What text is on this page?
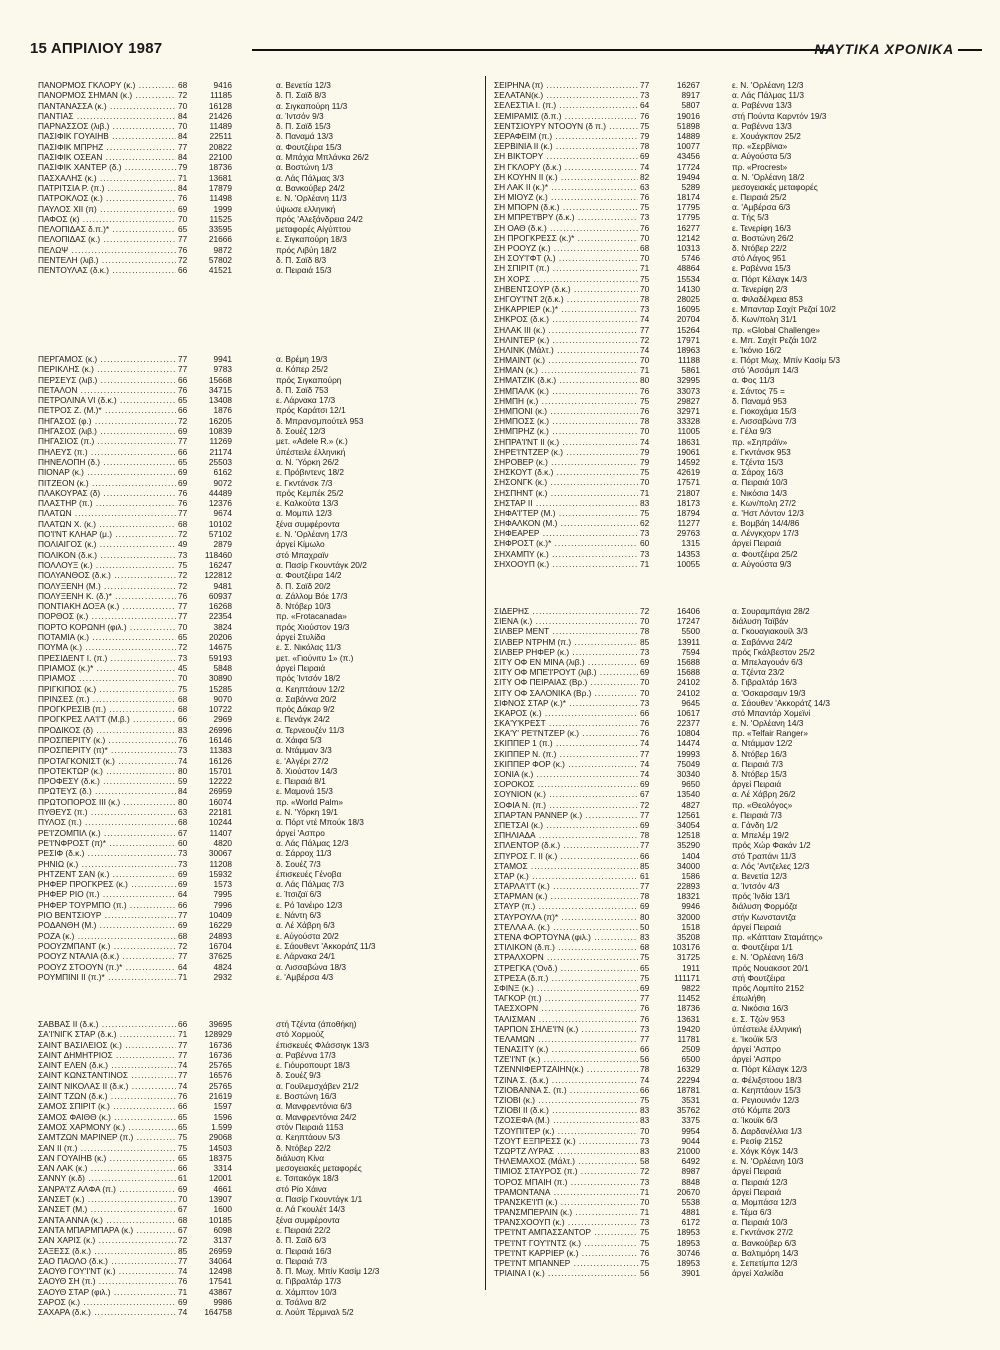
15 ΑΠΡΙΛΙΟΥ 1987	ΝΑΥΤΙΚΑ ΧΡΟΝΙΚΑ
ΠΑΝΟΡΜΟΣ ΓΚΛΟΡΥ (κ.) .....	68	9416	α. Βενετία 12/3
ΠΑΝΟΡΜΟΣ ΣΗΜΑΝ (κ.) .....	72	11185	δ. Π. Σαϊδ 8/3
ΠΑΝΤΑΝΑΣΣΑ (κ.) .....	70	16128	α. Σιγκαπούρη 11/3
ΠΑΝΤΙΑΣ .....	84	21426	α. Ίντσόν 9/3
ΠΑΡΝΑΣΣΟΣ (λιβ.) .....	70	11489	δ. Π. Σαϊδ 15/3
ΠΑΣΙΦΙΚ ΓΟΥΑΙΗΒ .....	84	22511	δ. Παναμά 13/3
ΠΑΣΙΦΙΚ ΜΠΡΗΖ .....	77	20822	α. Φουτζέιρα 15/3
ΠΑΣΙΦΙΚ ΟΣΕΑΝ .....	84	22100	α. Μπάχια Μπλάνκα 26/2
ΠΑΣΙΦΙΚ ΧΑΝΤΕΡ (δ.) .....	79	18736	α. Βοστώνη 1/3
ΠΑΣΧΑΛΗΣ (κ.) .....	71	13681	α. Λάς Πάλμας 3/3
ΠΑΤΡΙΤΣΙΑ Ρ. (π.) .....	84	17879	α. Βανκούβερ 24/2
ΠΑΤΡΟΚΛΟΣ (κ.) .....	76	11498	ε. Ν. 'Ορλέανη 11/3
ΠΑΥΛΟΣ XII (π) .....	69	1999	ύψωσε ελληνική
ΠΑΦΟΣ (κ) .....	70	11525	πρός 'Αλεξάνδρεια 24/2
ΠΕΛΟΠΙΔΑΣ δ.π.)* .....	65	33595	μεταφορές Αίγύπτου
ΠΕΛΟΠΙΔΑΣ (κ.) .....	77	21666	ε. Σιγκαπούρη 18/3
ΠΕΛΩΨ .....	76	9872	πρός Λιβύη 18/2
ΠΕΝΤΕΛΗ (λιβ.) .....	72	57802	δ. Π. Σαϊδ 8/3
ΠΕΝΤΟΥΛΑΣ (δ.κ.) .....	66	41521	α. Πειραιά 15/3
ΠΕΡΓΑΜΟΣ (κ.) .....	77	9941	α. Βρέμη 19/3
ΠΕΡΙΚΛΗΣ (κ.) .....	77	9783	α. Κόπερ 25/2
ΠΕΡΣΕΥΣ (λιβ.) .....	66	15668	πρός Σιγκαπούρη
ΠΕΤΑΛΟΝ .....	76	34715	δ. Π. Σαϊδ 753
ΠΕΤΡΟΛΙΝΑ VI (δ.κ.) .....	65	13408	ε. Λάρνακα 17/3
ΠΕΤΡΟΣ Ζ. (Μ.)* .....	66	1876	πρός Καράτσι 12/1
ΠΗΓΑΣΟΣ (φ.) .....	72	16205	δ. Μπρανσμπούτελ 953
ΠΗΓΑΣΟΣ (λιβ.) .....	69	10839	δ. Σουέζ 12/3
ΠΗΓΑΣΙΟΣ (π.) .....	77	11269	μετ. «Adele R.» (κ.)
ΠΗΛΕΥΣ (π.) .....	66	21174	ύπέστειλε έλληνική
ΠΗΝΕΛΟΠΗ (δ.) .....	65	25503	α. Ν. Ύόρκη 26/2
ΠΙΟΝΑΡ (κ.) .....	69	6162	ε. Πρόβιντενς 18/2
ΠΙΤΖΕΟΝ (κ.) .....	69	9072	ε. Γκντάνσκ 7/3
ΠΛΑΚΟΥΡΑΣ (δ) .....	76	44489	πρός Κεμπέκ 25/2
ΠΛΑΣΤΗΡ (π.) .....	76	12376	ε. Καλκούτα 13/3
ΠΛΑΤΩΝ .....	77	9674	α. Μομπιλ 12/3
ΠΛΑΤΩΝ Χ. (κ.) .....	68	10102	ξένα συμφέροντα
ΠΟ'Ι'ΝΤ ΚΛΗΑΡ (μ.) .....	72	57102	ε. Ν. 'Ορλέανη 17/3
ΠΟΛΙΑΙΓΟΣ (κ.) .....	49	2879	άργεί Κίμωλο
ΠΟΛΙΚΟΝ (δ.κ.) .....	73	118460	στό Μπαχραϊν
ΠΟΛΛΟΥΞ (κ.) .....	75	16247	α. Πασίρ Γκουντάγκ 20/2
ΠΟΛΥΑΝΘΟΣ (δ.κ.) .....	72	122812	α. Φουτζέιρα 14/2
ΠΟΛΥΞΕΝΗ (Μ.) .....	72	9481	δ. Π. Σαϊδ 20/2
ΠΟΛΥΞΕΝΗ Κ. (δ.)* .....	76	60937	α. Ζάλλομ Βόε 17/3
ΠΟΝΤΙΑΚΗ ΔΟΞΑ (κ.) .....	77	16268	δ. Ντόβερ 10/3
ΠΟΡΘΟΣ (κ.) .....	77	22354	πρ. «Frotacanada»
ΠΟΡΤΟ ΚΟΡΩΝΗ (φιλ.) .....	70	3824	πρός Χιούστον 19/3
ΠΟΤΑΜΙΑ (κ.) .....	65	20206	άργεί Στυλίδα
ΠΟΥΜΑ (κ.) .....	72	14675	ε. Σ. Νικόλας 11/3
ΠΡΕΣΙΔΕΝΤ Ι. (π.) .....	73	59193	μετ. «Γιούνιτυ 1» (π.)
ΠΡΙΑΜΟΣ (κ.)* .....	45	5848	άργεί Πειραιά
ΠΡΙΑΜΟΣ .....	70	30890	πρός Ίντσόν 18/2
ΠΡΙΓΚΙΠΟΣ (κ.) .....	75	15285	α. Κεηπτάουν 12/2
ΠΡΙΝΣΕΣ (π.) .....	68	9070	α. Σαβάννα 20/2
ΠΡΟΓΚΡΕΣΙΒ (π.) .....	68	10722	πρός Δάκαρ 9/2
ΠΡΟΓΚΡΕΣ ΛΑ'Ι'Τ (Μ.β.) .....	66	2969	ε. Πενάγκ 24/2
ΠΡΟΔΙΚΟΣ (δ) .....	83	26996	α. Τερνεουζέν 11/3
ΠΡΟΣΠΕΡΙΤΥ (κ.) .....	76	16146	α. Χάιφα 5/3
ΠΡΟΣΠΕΡΙΤΥ (π)* .....	73	11383	α. Ντάμμαν 3/3
ΠΡΟΤΑΓΚΟΝΙΣΤ (κ.) .....	74	16126	ε. 'Αλγέρι 27/2
ΠΡΟΤΕΚΤΩΡ (κ.) .....	80	15701	δ. Χιούστον 14/3
ΠΡΟΦΕΣΥ (δ.κ.) .....	59	12222	ε. Πειραιά 8/1
ΠΡΩΤΕΥΣ (δ.) .....	84	26959	ε. Μαμονά 15/3
ΠΡΩΤΟΠΟΡΟΣ III (κ.) .....	80	16074	πρ. «World Palm»
ΠΥΘΕΥΣ (π.) .....	63	22181	ε. Ν. 'Υόρκη 19/1
ΠΥΛΟΣ (π.) .....	68	10244	α. Πόρτ ντέ Μπούκ 18/3
ΡΕ'Ι'ΖΟΜΠΙΛ (κ.) .....	67	11407	άργεί 'Ασπρο
ΡΕ'Ι'ΝΦΡΟΣΤ (π)* .....	60	4820	α. Λάς Πάλμας 12/3
ΡΕΣΙΦ (δ.κ.) .....	73	30067	α. Σάρροχ 11/3
ΡΗΝΙΩ (κ.) .....	73	11208	δ. Σουέζ 7/3
ΡΗΤΖΕΝΤ ΣΑΝ (κ.) .....	69	15932	έπισκευές Γένοβα
ΡΗΦΕΡ ΠΡΟΓΚΡΕΣ (κ.) .....	69	1573	α. Λάς Πάλμας 7/3
ΡΗΦΕΡ ΡΙΟ (π.) .....	64	7995	ε. Ίτσιζαϊ 6/3
ΡΗΦΕΡ ΤΟΥΡΜΠΟ (π.) .....	66	7996	ε. Ρό Ίανέιρο 12/3
ΡΙΟ ΒΕΝΤΣΙΟΥΡ .....	77	10409	ε. Νάντη 6/3
ΡΟΔΑΝΘΗ (Μ.) .....	69	16229	α. Λέ Χάβρη 6/3
ΡΟΖΑ (κ.) .....	68	24893	ε. Αύγούστα 20/2
ΡΟΟΥΖΜΠΑΝΤ (κ.) .....	72	16704	ε. Σάουθεντ 'Ακκοράτζ 11/3
ΡΟΟΥΖ ΝΤΑΛΙΑ (δ.κ.) .....	77	37625	ε. Λάρνακα 24/1
ΡΟΟΥΖ ΣΤΟΟΥΝ (π.)* .....	64	4824	α. Λισσαβώνα 18/3
ΡΟΥΜΠΙΝΙ II (π.)* .....	71	2932	ε. 'Αμβέρσα 4/3
ΣΑΒΒΑΣ II (δ.κ.) .....	66	39695	στή Τζέντα (άποθήκη)
ΣΑ'Ι'ΝΙΓΚ ΣΤΑΡ (δ.κ.) .....	71	128929	στό Χορμούζ
ΣΑΙΝΤ ΒΑΣΙΛΕΙΟΣ (κ.) .....	77	16736	έπισκευές Φλάσσιγκ 13/3
ΣΑΙΝΤ ΔΗΜΗΤΡΙΟΣ .....	77	16736	α. Ραβέννα 17/3
ΣΑΙΝΤ ΕΛΕΝ (δ.κ.) .....	74	25765	ε. Γιόυροπουρτ 18/3
ΣΑΙΝΤ ΚΩΝΣΤΑΝΤΙΝΟΣ .....	77	16576	δ. Σουέζ 9/3
ΣΑΙΝΤ ΝΙΚΟΛΑΣ II (δ.κ.) .....	74	25765	α. Γουϊλεμσχάβεν 21/2
ΣΑΙΝΤ ΤΖΩΝ (δ.κ.) .....	76	21619	ε. Βοστώνη 16/3
ΣΑΜΟΣ ΣΠΙΡΙΤ (κ.) .....	66	1597	α. Μανφρεντόνια 6/3
ΣΑΜΟΣ ΦΑΙΘΘ (κ.) .....	65	1596	α. Μανφρεντόνια 24/2
ΣΑΜΟΣ ΧΑΡΜΟΝΥ (κ.) .....	65	1.599	στόν Πειραιά 1153
ΣΑΜΤΖΩΝ ΜΑΡΙΝΕΡ (π.) .....	75	29068	α. Κεηπτάουν 5/3
ΣΑΝ II (π.) .....	75	14503	δ. Ντόβερ 22/2
ΣΑΝ ΓΟΥΑΙΗΒ (κ.) .....	65	18375	διάλυση Κίνα
ΣΑΝ ΛΑΚ (κ.) .....	66	3314	μεσογειακές μεταφορές
ΣΑΝΝΥ (κ.δ) .....	61	12001	ε. Τσιτακόγκ 18/3
ΣΑΝΡΑ'Ι'Ζ ΑΛΦΑ (π.) .....	69	4661	στό Ρίο Χάινα
ΣΑΝΣΕΤ (κ.) .....	70	13907	α. Πασίρ Γκουντάγκ 1/1
ΣΑΝΣΕΤ (Μ.) .....	67	1600	α. Λά Γκουλέτ 14/3
ΣΑΝΤΑ ΑΝΝΑ (κ.) .....	68	10185	ξένα συμφέροντα
ΣΑΝΤΑ ΜΠΑΡΜΠΑΡΑ (κ.) .....	67	6098	ε. Πειραιά 22/2
ΣΑΝ ΧΑΡΙΣ (κ.) .....	72	3137	δ. Π. Σαϊδ 6/3
ΣΑΞΕΣΣ (δ.κ.) .....	85	26959	α. Πειραιά 16/3
ΣΑΟ ΠΑΟΛΟ (δ.κ.) .....	77	34064	α. Πειραιά 7/3
ΣΑΟΥΘ ΓΟΥ'Ι'ΝΤ (κ.) .....	74	12498	δ. Π. Μωχ. Μπίν Κασίμ 12/3
ΣΑΟΥΘ ΣΗ (π.) .....	76	17541	α. Γιβραλτάρ 17/3
ΣΑΟΥΘ ΣΤΑΡ (φιλ.) .....	71	43867	α. Χάμπτον 10/3
ΣΑΡΟΣ (κ.) .....	69	9986	α. Τσάλνα 8/2
ΣΑΧΑΡΑ (δ.κ.) .....	74	164758	α. Λούπ Τέρμιναλ 5/2
ΣΕΙΡΗΝΑ (π) .....	77	16267	ε. Ν. 'Ορλέανη 12/3
ΣΕΛΑΤΑΝ(κ.) .....	73	8917	α. Λάς Πάλμας 11/3
ΣΕΛΕΣΤΙΑ Ι. (π.) .....	64	5807	α. Ραβέννα 13/3
ΣΕΜΙΡΑΜΙΣ (δ.π.) .....	76	19016	στή Πούντα Καρντόν 19/3
ΣΕΝΤΣΙΟΥΡΥ ΝΤΟΟΥΝ (δ π.) .....	75	51898	α. Ραβέννα 13/3
ΣΕΡΑΦΕΙΜ (π.) .....	79	14889	ε. Χουάγκπον 25/2
ΣΕΡΒΙΝΙΑ II (κ.) .....	78	10077	πρ. «Σερβίνια»
ΣΗ ΒΙΚΤΟΡΥ .....	69	43456	α. Αύγούστα 5/3
ΣΗ ΓΚΛΟΡΥ (δ.κ.) .....	74	17724	πρ. «Procrest»
ΣΗ ΚΟΥΗΝ II (κ.) .....	82	19494	α. Ν. 'Ορλέανη 18/2
ΣΗ ΛΑΚ II (κ.)* .....	63	5289	μεσογειακές μεταφορές
ΣΗ ΜΙΟΥΖ (κ.) .....	76	18174	ε. Πειραιά 25/2
ΣΗ ΜΠΟΡΝ (δ.κ.) .....	75	17795	α. 'Αμβέρσα 6/3
ΣΗ ΜΠΡΕ'Ι'ΒΡΥ (δ.κ.) .....	73	17795	α. Τής 5/3
ΣΗ ΟΑΘ (δ.κ.) .....	76	16277	ε. Τενερίφη 16/3
ΣΗ ΠΡΟΓΚΡΕΣΣ (κ.)* .....	70	12142	α. Βοστώνη 26/2
ΣΗ ΡΟΟΥΖ (κ.) .....	68	10313	δ. Ντόβερ 22/2
ΣΗ ΣΟΥ'Ι'ΦΤ (λ.) .....	70	5746	στό Λάγος 951
ΣΗ ΣΠΙΡΙΤ (π.) .....	71	48864	ε. Ραβέννα 15/3
ΣΗ ΧΟΡΣ .....	75	15534	α. Πόρτ Κέλαγκ 14/3
ΣΗΒΕΝΤΣΟΥΡ (δ.κ.) .....	70	14130	α. Τενερίφη 2/3
ΣΗΓΟΥ'Ι'ΝΤ 2(δ.κ.) .....	78	28025	α. Φιλαδέλφεια 853
ΣΗΚΑΡΡΙΕΡ (κ.)* .....	73	16095	ε. Μπανταρ Σαχίτ Ρεζαί 10/2
ΣΗΚΡΟΣ (δ.κ.) .....	74	20704	δ. Κων/πολη 31/1
ΣΗΛΑΚ III (κ.) .....	77	15264	πρ. «Global Challenge»
ΣΗΛΙΝΤΕΡ (κ.) .....	72	17971	ε. Μπ. Σαχίτ Ρεζάι 10/2
ΣΗΛΙΝΚ (Μάλτ.) .....	74	18963	ε. Ίκόνιο 16/2
ΣΗΜΑΙΝΤ (κ.) .....	70	11188	ε. Πόρτ Μωχ. Μπίν Κασίμ 5/3
ΣΗΜΑΝ (κ.) .....	71	5861	στό 'Ασσάμπ 14/3
ΣΗΜΑΤΖΙΚ (δ.κ.) .....	80	32995	α. Φος 11/3
ΣΗΜΠΑΛΚ (κ.) .....	76	33073	ε. Σάντος 75 =
ΣΗΜΠΗ (κ.) .....	75	29827	δ. Παναμά 953
ΣΗΜΠΟΝΙ (κ.) .....	76	32971	ε. Γιοκοχάμα 15/3
ΣΗΜΠΟΣΣ (κ.) .....	78	33328	ε. Λισσαβώνα 7/3
ΣΗΜΠΡΗΖ (κ.) .....	70	11005	ε. Γέλα 9/3
ΣΗΠΡΑ'Ι'ΝΤ II (κ.) .....	74	18631	πρ. «Σηπράϊν»
ΣΗΡΕ'Ι'ΝΤΖΕΡ (κ.) .....	79	19061	ε. Γκντάνσκ 953
ΣΗΡΟΒΕΡ (κ.) .....	79	14592	ε. Τζέντα 15/3
ΣΗΣΚΟΥΤ (δ.κ.) .....	75	42619	α. Σάροχ 16/3
ΣΗΣΟΝΓΚ (κ.) .....	70	17571	α. Πειραιά 10/3
ΣΗΣΠΗΝΤ (κ.) .....	71	21807	ε. Νικόσια 14/3
ΣΗΣΤΑΡ II .....	83	18173	ε. Κων/πολη 27/2
ΣΗΦΑ'Ι'ΤΕΡ (Μ.) .....	75	18794	α. 'Ηστ Λόντον 12/3
ΣΗΦΑΛΚΟΝ (Μ.) .....	62	11277	ε. Βομβάη 14/4/86
ΣΗΦΕΑΡΕΡ .....	73	29763	α. Λένγκχορν 17/3
ΣΗΦΡΟΣΤ (κ.)* .....	60	1315	άργεί Πειραιά
ΣΗΧΑΜΠΥ (κ.) .....	73	14353	α. Φουτζέιρα 25/2
ΣΗΧΟΟΥΠ (κ.) .....	71	10055	α. Αύγούστα 9/3
ΣΙΔΕΡΗΣ .....	72	16406	α. Σουραμπάγια 28/2
ΣΙΕΝΑ (κ.) .....	70	17247	διάλυση Ταϊβάν
ΣΙΛΒΕΡ ΜΕΝΤ .....	78	5500	α. Γκουαγιακουίλ 3/3
ΣΙΛΒΕΡ ΝΤΡΗΜ (π.) .....	85	13911	α. Σαβάννα 24/2
ΣΙΛΒΕΡ ΡΗΦΕΡ (κ.) .....	73	7594	πρός Γκάλβεστον 25/2
ΣΙΤΥ ΟΦ ΕΝ ΜΙΝΑ (λιβ.) .....	69	15688	α. Μπελαγουάν 6/3
ΣΙΤΥ ΟΦ ΜΠΕ'Ι'ΡΟΥΤ (λιβ.) .....	69	15688	α. Τζέντα 23/2
ΣΙΤΥ ΟΦ ΠΕΙΡΑΙΑΣ (Βρ.) .....	70	24102	δ. Γιβραλτάρ 16/3
ΣΙΤΥ ΟΦ ΣΑΛΟΝΙΚΑ (Βρ.) .....	70	24102	α. 'Οσκαρσαμν 19/3
ΣΙΦΝΟΣ ΣΤΑΡ (κ.)* .....	73	9645	α. Σάουθεν 'Ακκοράτζ 14/3
ΣΚΑΡΟΣ (κ.) .....	66	10617	στό Μπαντάρ Χομεϊνί
ΣΚΑ'Υ'ΚΡΕΣΤ .....	76	22377	ε. Ν. 'Ορλέανη 14/3
ΣΚΑ'Υ' ΡΕ'Ι'ΝΤΖΕΡ (κ.) .....	76	10804	πρ. «Telfair Ranger»
ΣΚΙΠΠΕΡ 1 (π.) .....	74	14474	α. Ντάμμαν 12/2
ΣΚΙΠΠΕΡ Ν. (π.) .....	77	19993	δ. Ντόβερ 16/3
ΣΚΙΠΠΕΡ ΦΟΡ (κ.) .....	74	75049	α. Πειραιά 7/3
ΣΟΝΙΑ (κ.) .....	74	30340	δ. Ντόβερ 15/3
ΣΟΡΟΚΟΣ .....	69	9650	άργεί Πειραιά
ΣΟΥΝΙΟΝ (κ.) .....	67	13540	α. Λέ Χάβρη 26/2
ΣΟΦΙΑ Ν. (π.) .....	72	4827	πρ. «Θεολόγος»
ΣΠΑΡΤΑΝ ΡΑΝΝΕΡ (κ.) .....	77	12561	ε. Πειραιά 7/3
ΣΠΕΤΣΑΙ (κ.) .....	69	34054	α. Γάνδη 1/2
ΣΠΗΛΙΑΔΑ .....	78	12518	α. Μπελέμ 19/2
ΣΠΛΕΝΤΟΡ (δ.κ.) .....	77	35290	πρός Χώρ Φακάν 1/2
ΣΠΥΡΟΣ Γ. II (κ.) .....	66	1404	στό Τραπάνι 11/3
ΣΤΑΜΟΣ .....	85	34000	α. Λός 'Αντζελες 12/3
ΣΤΑΡ (κ.) .....	61	1586	α. Βενετία 12/3
ΣΤΑΡΛΑ'Ι'Τ (κ.) .....	77	22893	α. Ίντσόν 4/3
ΣΤΑΡΜΑΝ (κ.) .....	78	18321	πρός Ίνδία 13/1
ΣΤΑΥΡ (π.) .....	69	9946	διάλυση Φορμόζα
ΣΤΑΥΡΟΥΛΑ (π)* .....	80	32000	στήν Κωνσταντζα
ΣΤΕΛΛΑ Α. (κ.) .....	50	1518	άργεί Πειραιά
ΣΤΕΝΑ ΦΟΡΤΟΥΝΑ (φιλ.) .....	83	35208	πρ. «Κάπταιν Σταμάτης»
ΣΤΙΛΙΚΟΝ (δ.π.) .....	68	103176	α. Φουτζέιρα 1/1
ΣΤΡΑΛΧΟΡΝ .....	75	31725	ε. Ν. 'Ορλέανη 16/3
ΣΤΡΕΓΚΑ ('Ονδ.) .....	65	1911	πρός Νουακσοτ 20/1
ΣΤΡΕΣΑ (δ.π.) .....	75	111171	στή Φουτζέιρα
ΣΦΙΝΞ (κ.) .....	69	9822	πρός Λομπίτο 2152
ΤΑΓΚΟΡ (π.) .....	77	11452	έπωλήθη
ΤΑΕΣΧΟΡΝ .....	76	18736	α. Νικόσια 16/3
ΤΑΛΙΣΜΑΝ .....	76	13631	ε. Σ. Τζών 953
ΤΑΡΠΟΝ ΣΗΛΕ'Ι'Ν (κ.) .....	73	19420	ύπέστειλε έλληνική
ΤΕΛΑΜΩΝ .....	77	11781	ε. 'Ικούϊκ 5/3
ΤΕΝΑΣΙΤΥ (κ.) .....	66	2509	άργεί 'Ασπρο
ΤΖΕ'Ι'ΝΤ (κ.) .....	56	6500	άργεί 'Ασπρο
ΤΖΕΝΝΙΦΕΡΤΖΑΙΗΝ(κ.) .....	78	16329	α. Πόρτ Κέλαγκ 12/3
ΤΖΙΝΑ Σ. (δ.κ.) .....	74	22294	α. Φέλιξστοου 18/3
ΤΖΙΟΒΑΝΝΑ Σ. (π.) .....	66	18781	α. Κεηπτάουν 15/3
ΤΖΙΟΒΙ (κ.) .....	75	3531	α. Ρεγιουνιόν 12/3
ΤΖΙΟΒΙ ΙΙ (δ.κ.) .....	83	35762	στό Κόμπε 20/3
ΤΖΟΣΕΦΑ (Μ.) .....	83	3375	α. Ίκουϊκ 6/3
ΤΖΟΥΠΙΤΕΡ (κ.) .....	70	9954	δ. Δαρδανέλλια 1/3
ΤΖΟΥΤ ΕΞΠΡΕΣΣ (κ.) .....	73	9044	ε. Ρεσίφ 2152
ΤΖΩΡΤΖ ΛΥΡΑΣ .....	83	21000	ε. Χόγκ Κόγκ 14/3
ΤΗΛΕΜΑΧΟΣ (Μάλτ.) .....	58	6492	ε. Ν. 'Ορλέανη 10/3
ΤΙΜΙΟΣ ΣΤΑΥΡΟΣ (π.) .....	72	8987	άργεί Πειραιά
ΤΟΡΟΣ ΜΠΑΙΗ (π.) .....	73	8848	α. Πειραιά 12/3
ΤΡΑΜΟΝΤΑΝΑ .....	71	20670	άργεί Πειραιά
ΤΡΑΝΣΚΕ'Ι'Π (κ.) .....	70	5538	α. Μομπάσα 12/3
ΤΡΑΝΣΜΠΕΡΛΙΝ (κ.) .....	71	4881	ε. Τέμα 6/3
ΤΡΑΝΣΧΟΟΥΠ (κ.) .....	73	6172	α. Πειραιά 10/3
ΤΡΕ'Ι'ΝΤ ΑΜΠΑΣΣΑΝΤΟΡ .....	75	18953	ε. Γκντάνσκ 27/2
ΤΡΕ'Ι'ΝΤ ΓΟΥ'Ι'ΝΤΣ (κ.) .....	75	18953	α. Βανκούβερ 6/3
ΤΡΕ'Ι'ΝΤ ΚΑΡΡΙΕΡ (κ.) .....	76	30746	α. Βαλτιμόρη 14/3
ΤΡΕ'Ι'ΝΤ ΜΠΑΝΝΕΡ .....	75	18953	ε. Σεπετίμπα 12/3
ΤΡΙΑΙΝΑ Ι (κ.) .....	56	3901	άργεί Χαλκίδα
